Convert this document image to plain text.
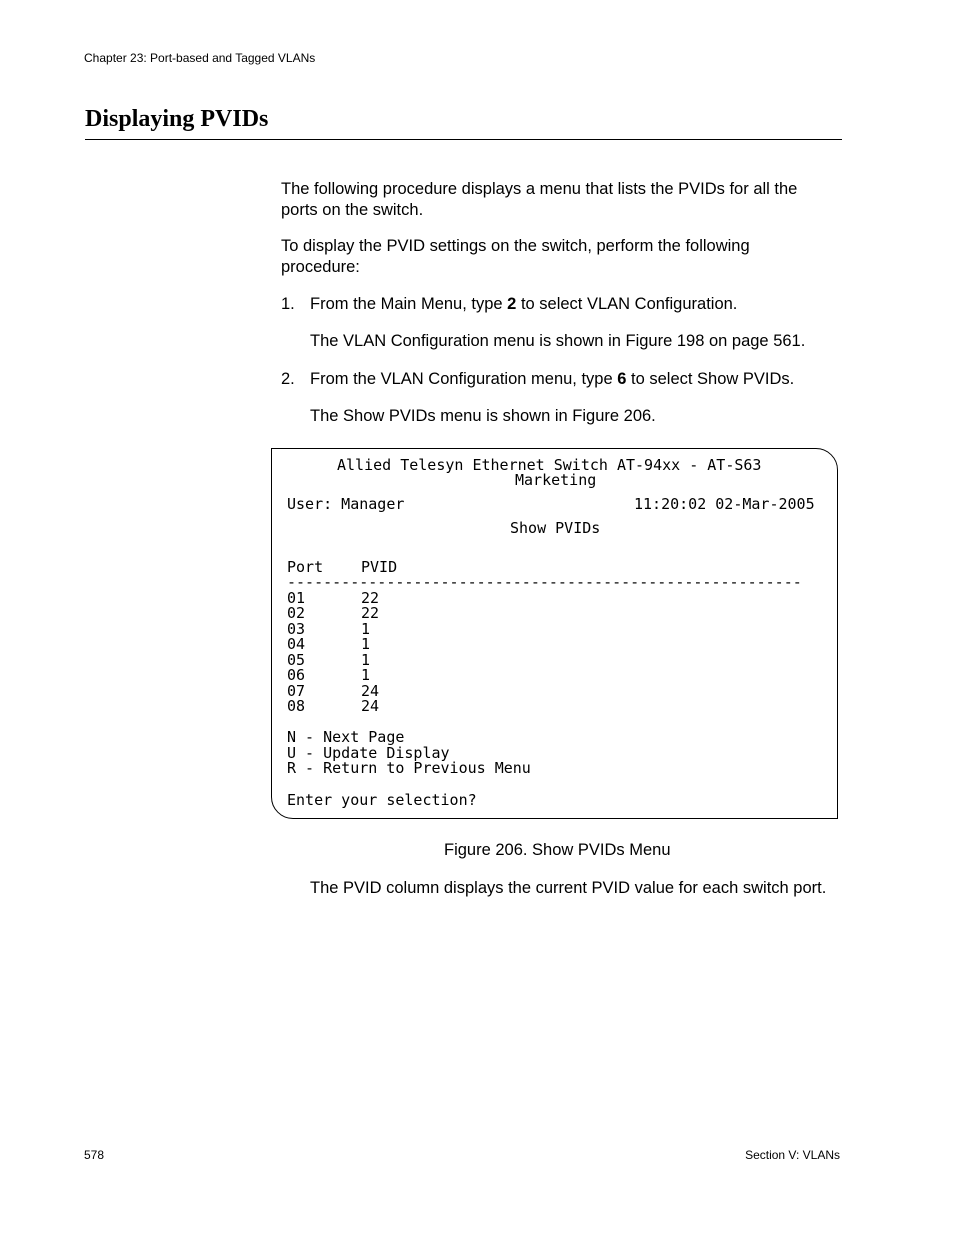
Chapter 23: Port-based and Tagged VLANs
Displaying PVIDs

The following procedure displays a menu that lists the PVIDs for all the

ports on the switch.

To display the PVID settings on the switch, perform the following

procedure:

1. From the Main Menu, type 2 to select VLAN Configuration.

The VLAN Configuration menu is shown in Figure 198 on page 561.

2. From the VLAN Configuration menu, type 6 to select Show PVIDs.

The Show PVIDs menu is shown in Figure 206.

Allied Telesyn Ethernet Switch AT-94xx - AT-S63
Marketing
User: Manager	11:20:02 02-Mar-2005
Show PVIDs
Port	PVID
---------------------------------------------------------
01	22
02	22
03	1
04	1
05	1
06	1
07	24
08	24
N - Next Page
U - Update Display
R - Return to Previous Menu
Enter your selection?
Figure 206. Show PVIDs Menu

The PVID column displays the current PVID value for each switch port.

578	Section V: VLANs
